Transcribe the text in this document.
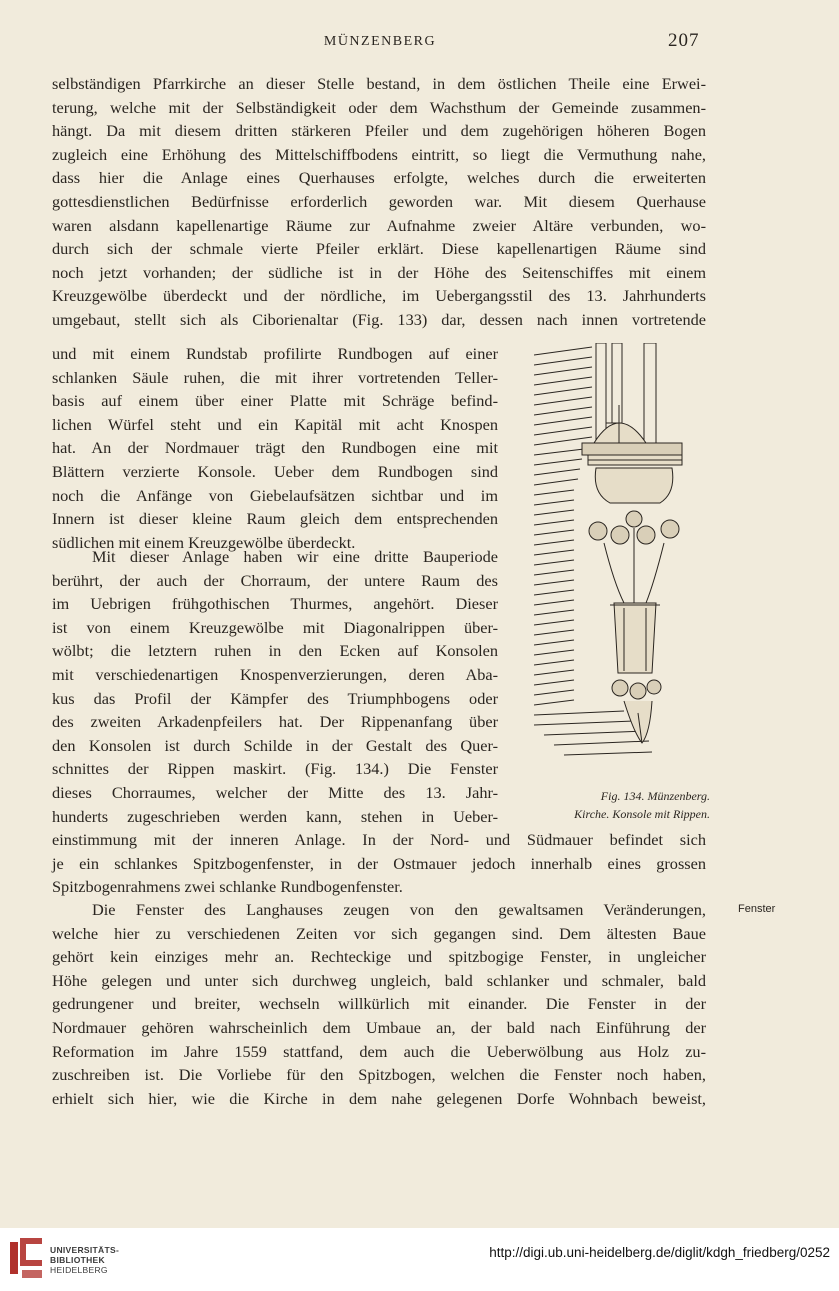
MÜNZENBERG	207
selbständigen Pfarrkirche an dieser Stelle bestand, in dem östlichen Theile eine Erwei-
terung, welche mit der Selbständigkeit oder dem Wachsthum der Gemeinde zusammen-
hängt. Da mit diesem dritten stärkeren Pfeiler und dem zugehörigen höheren Bogen
zugleich eine Erhöhung des Mittelschiffbodens eintritt, so liegt die Vermuthung nahe,
dass hier die Anlage eines Querhauses erfolgte, welches durch die erweiterten
gottesdienstlichen Bedürfnisse erforderlich geworden war. Mit diesem Querhause
waren alsdann kapellenartige Räume zur Aufnahme zweier Altäre verbunden, wo-
durch sich der schmale vierte Pfeiler erklärt. Diese kapellenartigen Räume sind
noch jetzt vorhanden; der südliche ist in der Höhe des Seitenschiffes mit einem
Kreuzgewölbe überdeckt und der nördliche, im Uebergangsstil des 13. Jahrhunderts
umgebaut, stellt sich als Ciborienaltar (Fig. 133) dar, dessen nach innen vortretende
und mit einem Rundstab profilirte Rundbogen auf einer
schlanken Säule ruhen, die mit ihrer vortretenden Teller-
basis auf einem über einer Platte mit Schräge befind-
lichen Würfel steht und ein Kapitäl mit acht Knospen
hat. An der Nordmauer trägt den Rundbogen eine mit
Blättern verzierte Konsole. Ueber dem Rundbogen sind
noch die Anfänge von Giebelaufsätzen sichtbar und im
Innern ist dieser kleine Raum gleich dem entsprechenden
südlichen mit einem Kreuzgewölbe überdeckt.
Mit dieser Anlage haben wir eine dritte Bauperiode
berührt, der auch der Chorraum, der untere Raum des
im Uebrigen frühgothischen Thurmes, angehört. Dieser
ist von einem Kreuzgewölbe mit Diagonalrippen über-
wölbt; die letztern ruhen in den Ecken auf Konsolen
mit verschiedenartigen Knospenverzierungen, deren Aba-
kus das Profil der Kämpfer des Triumphbogens oder
des zweiten Arkadenpfeilers hat. Der Rippenanfang über
den Konsolen ist durch Schilde in der Gestalt des Quer-
schnittes der Rippen maskirt. (Fig. 134.) Die Fenster
dieses Chorraumes, welcher der Mitte des 13. Jahr-
hunderts zugeschrieben werden kann, stehen in Ueber-
Fig. 134. Münzenberg.
Kirche. Konsole mit Rippen.
einstimmung mit der inneren Anlage. In der Nord- und Südmauer befindet sich
je ein schlankes Spitzbogenfenster, in der Ostmauer jedoch innerhalb eines grossen
Spitzbogenrahmens zwei schlanke Rundbogenfenster.
Die Fenster des Langhauses zeugen von den gewaltsamen Veränderungen,
welche hier zu verschiedenen Zeiten vor sich gegangen sind. Dem ältesten Baue
gehört kein einziges mehr an. Rechteckige und spitzbogige Fenster, in ungleicher
Höhe gelegen und unter sich durchweg ungleich, bald schlanker und schmaler, bald
gedrungener und breiter, wechseln willkürlich mit einander. Die Fenster in der
Nordmauer gehören wahrscheinlich dem Umbaue an, der bald nach Einführung der
Reformation im Jahre 1559 stattfand, dem auch die Ueberwölbung aus Holz zu-
zuschreiben ist. Die Vorliebe für den Spitzbogen, welchen die Fenster noch haben,
erhielt sich hier, wie die Kirche in dem nahe gelegenen Dorfe Wohnbach beweist,
Fenster
UNIVERSITÄTS-
BIBLIOTHEK
HEIDELBERG
http://digi.ub.uni-heidelberg.de/diglit/kdgh_friedberg/0252
